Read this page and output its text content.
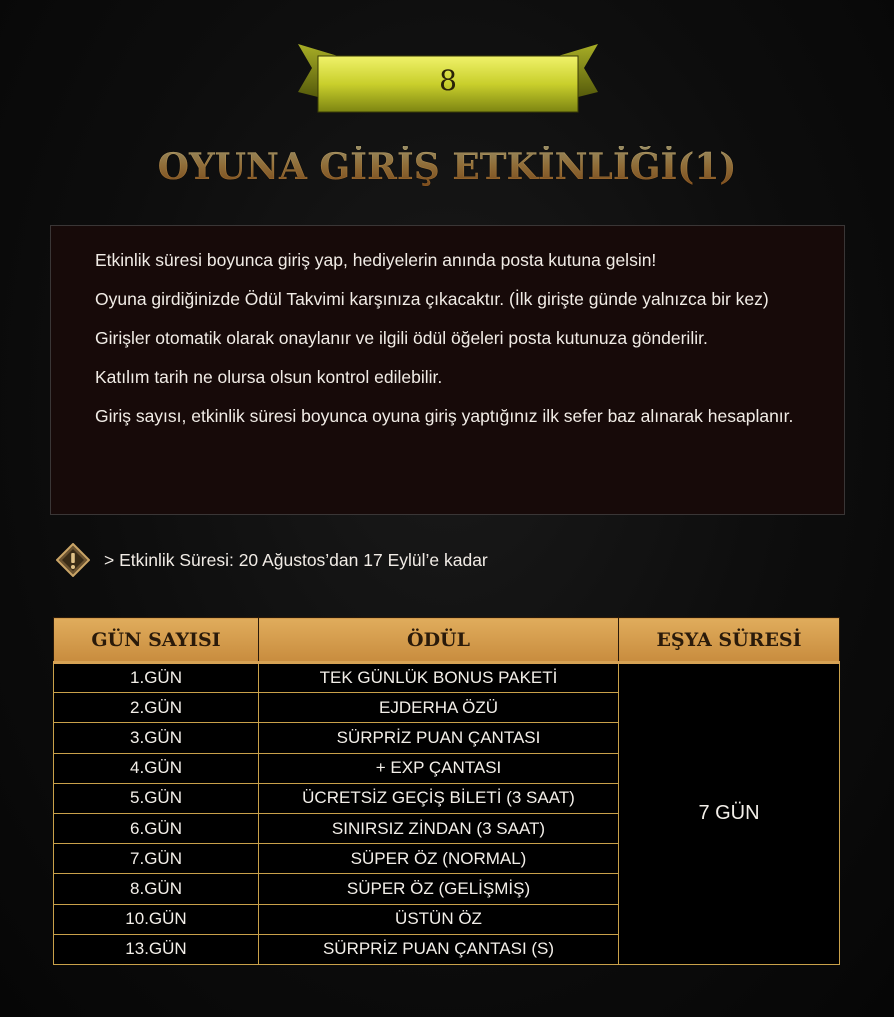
8
OYUNA GİRİŞ ETKİNLİĞİ(1)

Etkinlik süresi boyunca giriş yap, hediyelerin anında posta kutuna gelsin!

Oyuna girdiğinizde Ödül Takvimi karşınıza çıkacaktır. (İlk girişte günde yalnızca bir kez)

Girişler otomatik olarak onaylanır ve ilgili ödül öğeleri posta kutunuza gönderilir.

Katılım tarih ne olursa olsun kontrol edilebilir.

Giriş sayısı, etkinlik süresi boyunca oyuna giriş yaptığınız ilk sefer baz alınarak hesaplanır.

> Etkinlik Süresi: 20 Ağustos’dan 17 Eylül’e kadar
GÜN SAYISI	ÖDÜL	EŞYA SÜRESİ
1.GÜN	TEK GÜNLÜK BONUS PAKETİ	7 GÜN
2.GÜN	EJDERHA ÖZÜ	
3.GÜN	SÜRPRİZ PUAN ÇANTASI	
4.GÜN	+ EXP ÇANTASI	
5.GÜN	ÜCRETSİZ GEÇİŞ BİLETİ (3 SAAT)	
6.GÜN	SINIRSIZ ZİNDAN (3 SAAT)	
7.GÜN	SÜPER ÖZ (NORMAL)	
8.GÜN	SÜPER ÖZ (GELİŞMİŞ)	
10.GÜN	ÜSTÜN ÖZ	
13.GÜN	SÜRPRİZ PUAN ÇANTASI (S)	
